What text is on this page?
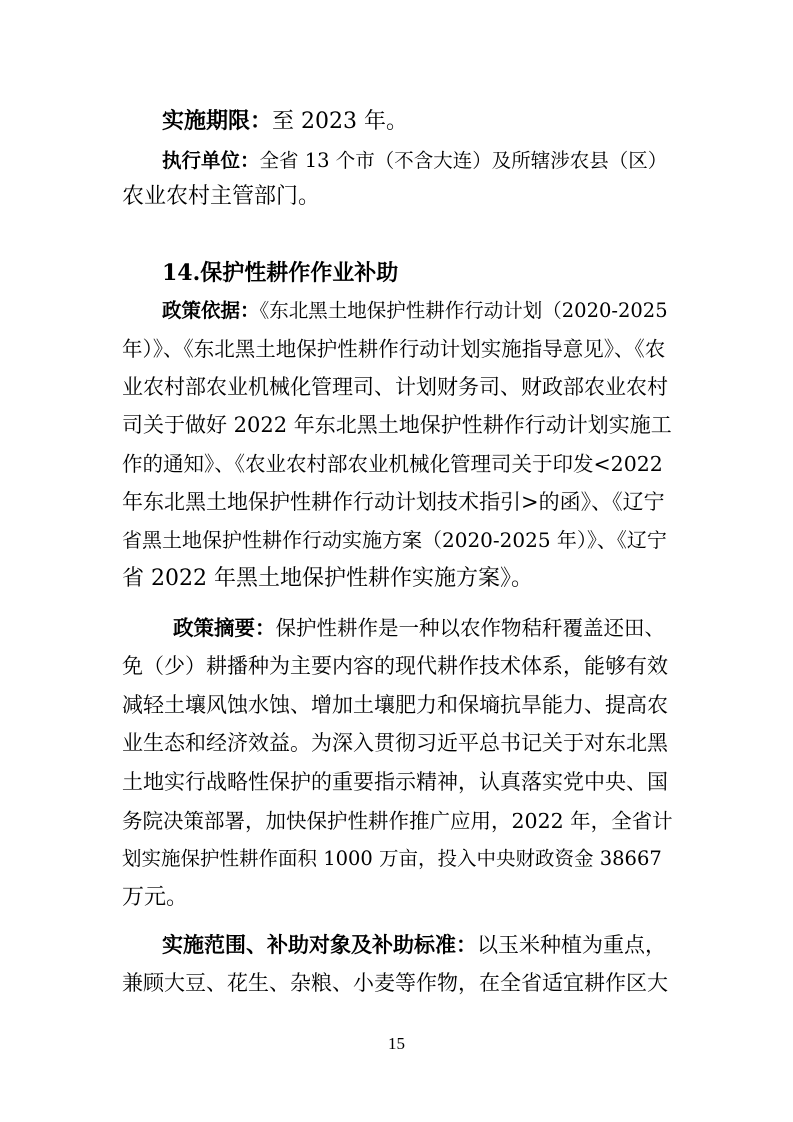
实施期限：至 2023 年。
执行单位：全省 13 个市（不含大连）及所辖涉农县（区）
农业农村主管部门。
14.保护性耕作作业补助
政策依据：《东北黑土地保护性耕作行动计划（2020-2025
年）》、《东北黑土地保护性耕作行动计划实施指导意见》、《农
业农村部农业机械化管理司、计划财务司、财政部农业农村
司关于做好 2022 年东北黑土地保护性耕作行动计划实施工
作的通知》、《农业农村部农业机械化管理司关于印发<2022
年东北黑土地保护性耕作行动计划技术指引>的函》、《辽宁
省黑土地保护性耕作行动实施方案（2020-2025 年）》、《辽宁
省 2022 年黑土地保护性耕作实施方案》。
政策摘要：保护性耕作是一种以农作物秸秆覆盖还田、
免（少）耕播种为主要内容的现代耕作技术体系，能够有效
减轻土壤风蚀水蚀、增加土壤肥力和保墒抗旱能力、提高农
业生态和经济效益。为深入贯彻习近平总书记关于对东北黑
土地实行战略性保护的重要指示精神，认真落实党中央、国
务院决策部署，加快保护性耕作推广应用，2022 年，全省计
划实施保护性耕作面积 1000 万亩，投入中央财政资金 38667
万元。
实施范围、补助对象及补助标准：以玉米种植为重点，
兼顾大豆、花生、杂粮、小麦等作物，在全省适宜耕作区大
15
